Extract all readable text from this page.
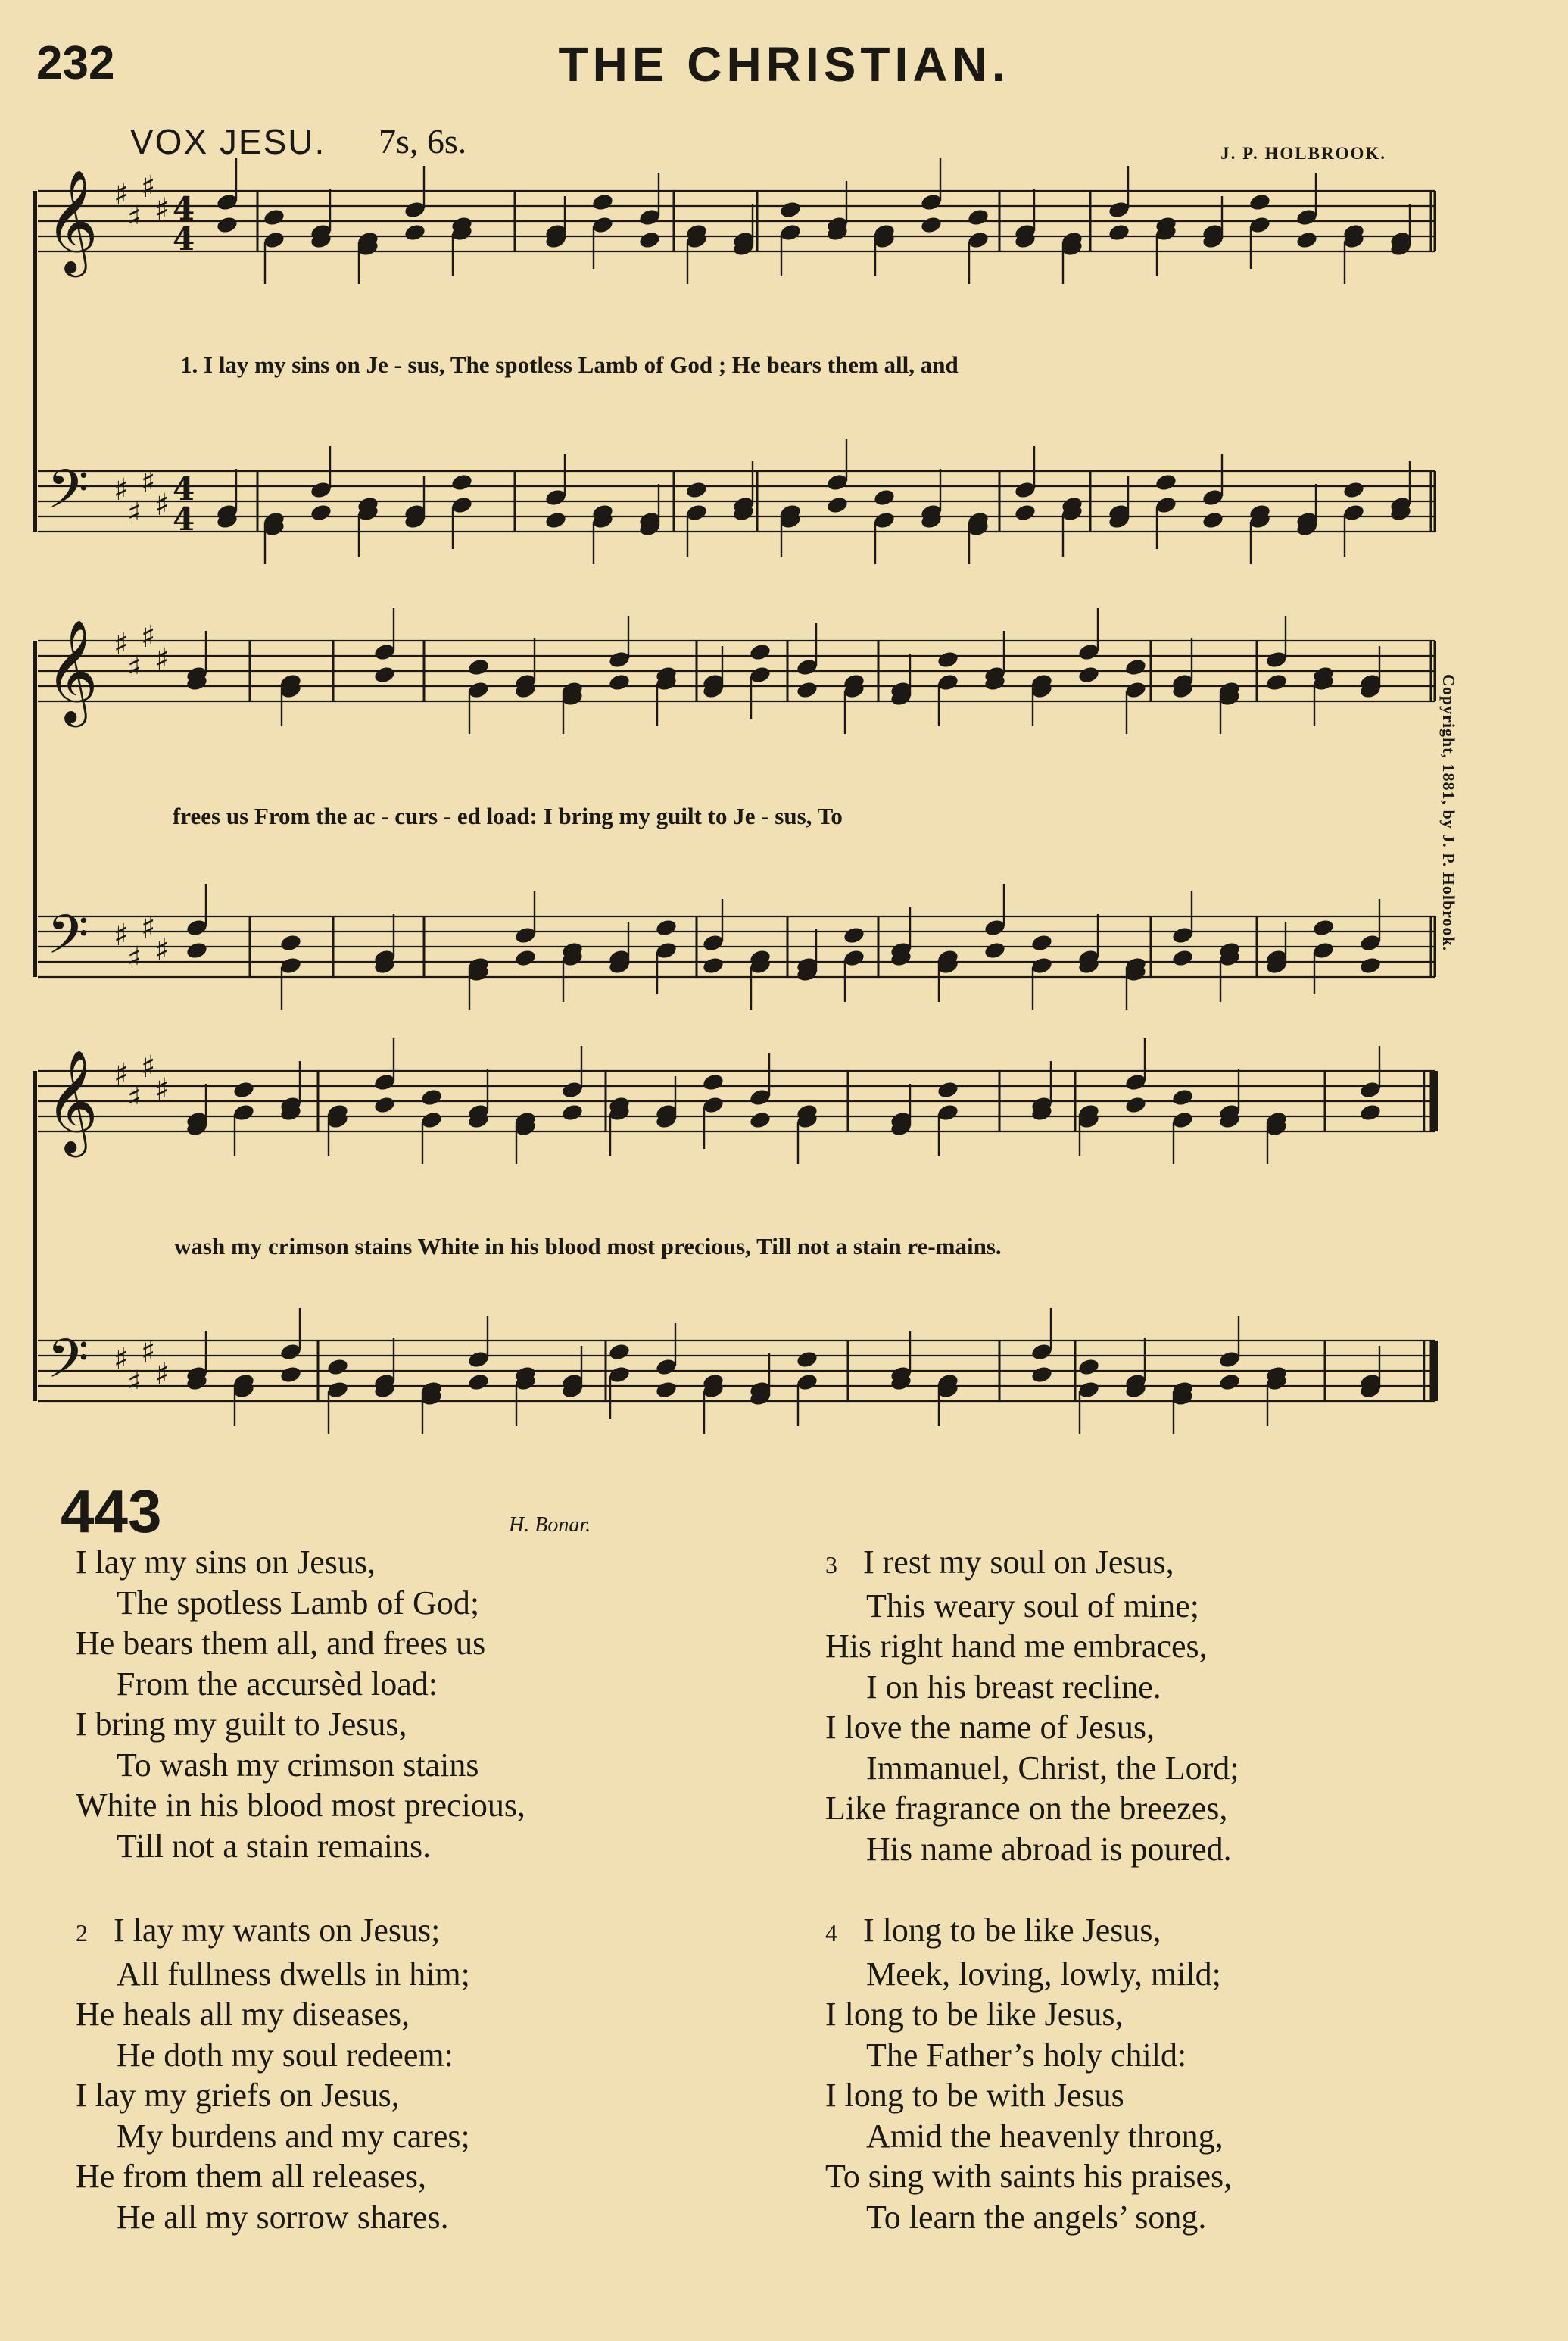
232	THE CHRISTIAN.
VOX JESU. 7s, 6s.	J. P. HOLBROOK.
Copyright, 1881, by J. P. Holbrook.
𝄞 ♯
♯
♯
♯ 4
4
𝄢 ♯
♯
♯
♯ 4
4
𝄞 ♯
♯
♯
♯
𝄢 ♯
♯
♯
♯
𝄞 ♯
♯
♯
♯
𝄢 ♯
♯
♯
♯
1. I lay my sins on Je - sus, The spotless Lamb of God ; He bears them all, and
frees us From the ac - curs - ed load: I bring my guilt to Je - sus, To
wash my crimson stains White in his blood most precious, Till not a stain re-mains.
443	H. Bonar.
I lay my sins on Jesus,
The spotless Lamb of God;
He bears them all, and frees us
From the accursèd load:
I bring my guilt to Jesus,
To wash my crimson stains
White in his blood most precious,
Till not a stain remains.
2 I lay my wants on Jesus;
All fullness dwells in him;
He heals all my diseases,
He doth my soul redeem:
I lay my griefs on Jesus,
My burdens and my cares;
He from them all releases,
He all my sorrow shares.
3 I rest my soul on Jesus,
This weary soul of mine;
His right hand me embraces,
I on his breast recline.
I love the name of Jesus,
Immanuel, Christ, the Lord;
Like fragrance on the breezes,
His name abroad is poured.
4 I long to be like Jesus,
Meek, loving, lowly, mild;
I long to be like Jesus,
The Father’s holy child:
I long to be with Jesus
Amid the heavenly throng,
To sing with saints his praises,
To learn the angels’ song.
